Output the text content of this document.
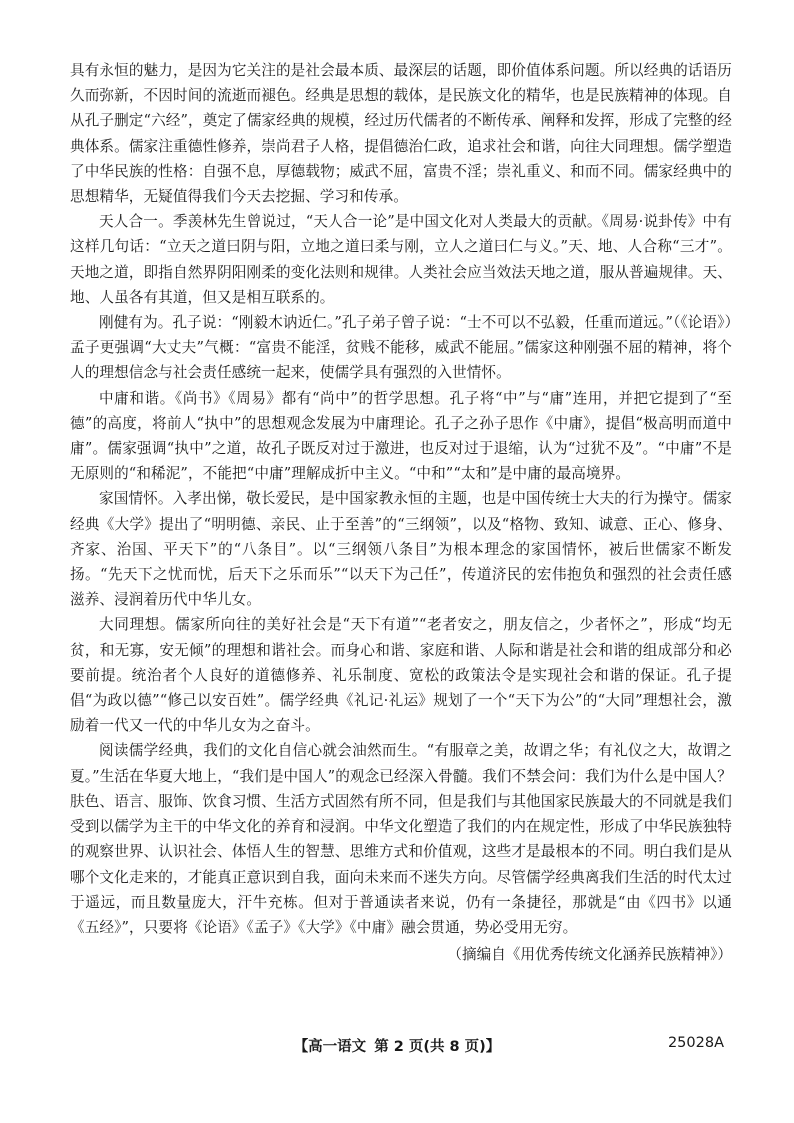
具有永恒的魅力，是因为它关注的是社会最本质、最深层的话题，即价值体系问题。所以经典的话语历久而弥新，不因时间的流逝而褪色。经典是思想的载体，是民族文化的精华，也是民族精神的体现。自从孔子删定“六经”，奠定了儒家经典的规模，经过历代儒者的不断传承、阐释和发挥，形成了完整的经典体系。儒家注重德性修养，崇尚君子人格，提倡德治仁政，追求社会和谐，向往大同理想。儒学塑造了中华民族的性格：自强不息，厚德载物；威武不屈，富贵不淫；崇礼重义、和而不同。儒家经典中的思想精华，无疑值得我们今天去挖掘、学习和传承。

天人合一。季羡林先生曾说过，“天人合一论”是中国文化对人类最大的贡献。《周易·说卦传》中有这样几句话：“立天之道曰阴与阳，立地之道曰柔与刚，立人之道曰仁与义。”天、地、人合称“三才”。天地之道，即指自然界阴阳刚柔的变化法则和规律。人类社会应当效法天地之道，服从普遍规律。天、地、人虽各有其道，但又是相互联系的。

刚健有为。孔子说：“刚毅木讷近仁。”孔子弟子曾子说：“士不可以不弘毅，任重而道远。”（《论语》）孟子更强调“大丈夫”气概：“富贵不能淫，贫贱不能移，威武不能屈。”儒家这种刚强不屈的精神，将个人的理想信念与社会责任感统一起来，使儒学具有强烈的入世情怀。

中庸和谐。《尚书》《周易》都有“尚中”的哲学思想。孔子将“中”与“庸”连用，并把它提到了“至德”的高度，将前人“执中”的思想观念发展为中庸理论。孔子之孙子思作《中庸》，提倡“极高明而道中庸”。儒家强调“执中”之道，故孔子既反对过于激进，也反对过于退缩，认为“过犹不及”。“中庸”不是无原则的“和稀泥”，不能把“中庸”理解成折中主义。“中和”“太和”是中庸的最高境界。

家国情怀。入孝出悌，敬长爱民，是中国家教永恒的主题，也是中国传统士大夫的行为操守。儒家经典《大学》提出了“明明德、亲民、止于至善”的“三纲领”，以及“格物、致知、诚意、正心、修身、齐家、治国、平天下”的“八条目”。以“三纲领八条目”为根本理念的家国情怀，被后世儒家不断发扬。“先天下之忧而忧，后天下之乐而乐”“以天下为己任”，传道济民的宏伟抱负和强烈的社会责任感滋养、浸润着历代中华儿女。

大同理想。儒家所向往的美好社会是“天下有道”“老者安之，朋友信之，少者怀之”，形成“均无贫，和无寡，安无倾”的理想和谐社会。而身心和谐、家庭和谐、人际和谐是社会和谐的组成部分和必要前提。统治者个人良好的道德修养、礼乐制度、宽松的政策法令是实现社会和谐的保证。孔子提倡“为政以德”“修己以安百姓”。儒学经典《礼记·礼运》规划了一个“天下为公”的“大同”理想社会，激励着一代又一代的中华儿女为之奋斗。

阅读儒学经典，我们的文化自信心就会油然而生。“有服章之美，故谓之华；有礼仪之大，故谓之夏。”生活在华夏大地上，“我们是中国人”的观念已经深入骨髓。我们不禁会问：我们为什么是中国人？肤色、语言、服饰、饮食习惯、生活方式固然有所不同，但是我们与其他国家民族最大的不同就是我们受到以儒学为主干的中华文化的养育和浸润。中华文化塑造了我们的内在规定性，形成了中华民族独特的观察世界、认识社会、体悟人生的智慧、思维方式和价值观，这些才是最根本的不同。明白我们是从哪个文化走来的，才能真正意识到自我，面向未来而不迷失方向。尽管儒学经典离我们生活的时代太过于遥远，而且数量庞大，汗牛充栋。但对于普通读者来说，仍有一条捷径，那就是“由《四书》以通《五经》”，只要将《论语》《孟子》《大学》《中庸》融会贯通，势必受用无穷。

（摘编自《用优秀传统文化涵养民族精神》）

【高一语文 第 2 页(共 8 页)】	25028A
